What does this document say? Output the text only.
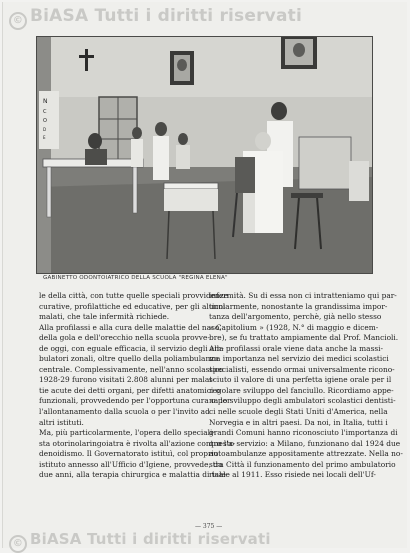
© BiASA Tutti i diritti riservati
N
C
O
D
E
GABINETTO ODONTOIATRICO DELLA SCUOLA "REGINA ELENA"
le della città, con tutte quelle speciali provvidenze
curative, profilattiche ed educative, per gli alunni
malati, che tale infermità richiede.
Alla profilassi e alla cura delle malattie del naso,
della gola e dell'orecchio nella scuola provve-
de oggi, con eguale efficacia, il servizio degli am-
bulatori zonali, oltre quello della poliambulanza
centrale. Complessivamente, nell'anno scolastico
1928-29 furono visitati 2.808 alunni per malat-
tie acute dei detti organi, per difetti anatomici o
funzionali, provvedendo per l'opportuna cura o per
l'allontanamento dalla scuola o per l'invito ad
altri istituti.
Ma, più particolarmente, l'opera dello speciali-
sta otorinolaringoiatra è rivolta all'azione contro l'a-
denoidismo. Il Governatorato istituì, col proprio
istituto annesso all'Ufficio d'Igiene, provvede, da
due anni, alla terapia chirurgica e malattia di tale
infermità. Su di essa non ci intratteniamo qui par-
ticolarmente, nonostante la grandissima impor-
tanza dell'argomento, perchè, già nello stesso
« Capitolium » (1928, N.° di maggio e dicem-
bre), se fu trattato ampiamente dal Prof. Mancioli.
Alla profilassi orale viene data anche la massi-
ma importanza nel servizio dei medici scolastici
specialisti, essendo ormai universalmente ricono-
sciuto il valore di una perfetta igiene orale per il
regolare sviluppo del fanciullo. Ricordiamo appe-
na lo sviluppo degli ambulatori scolastici dentisti-
ci nelle scuole degli Stati Uniti d'America, nella
Norvegia e in altri paesi. Da noi, in Italia, tutti i
grandi Comuni hanno riconosciuto l'importanza di
questo servizio: a Milano, funzionano dal 1924 due
autoambulanze appositamente attrezzate. Nella no-
stra Città il funzionamento del primo ambulatorio
risale al 1911. Esso risiede nei locali dell'Uf-
— 375 —
© BiASA Tutti i diritti riservati
